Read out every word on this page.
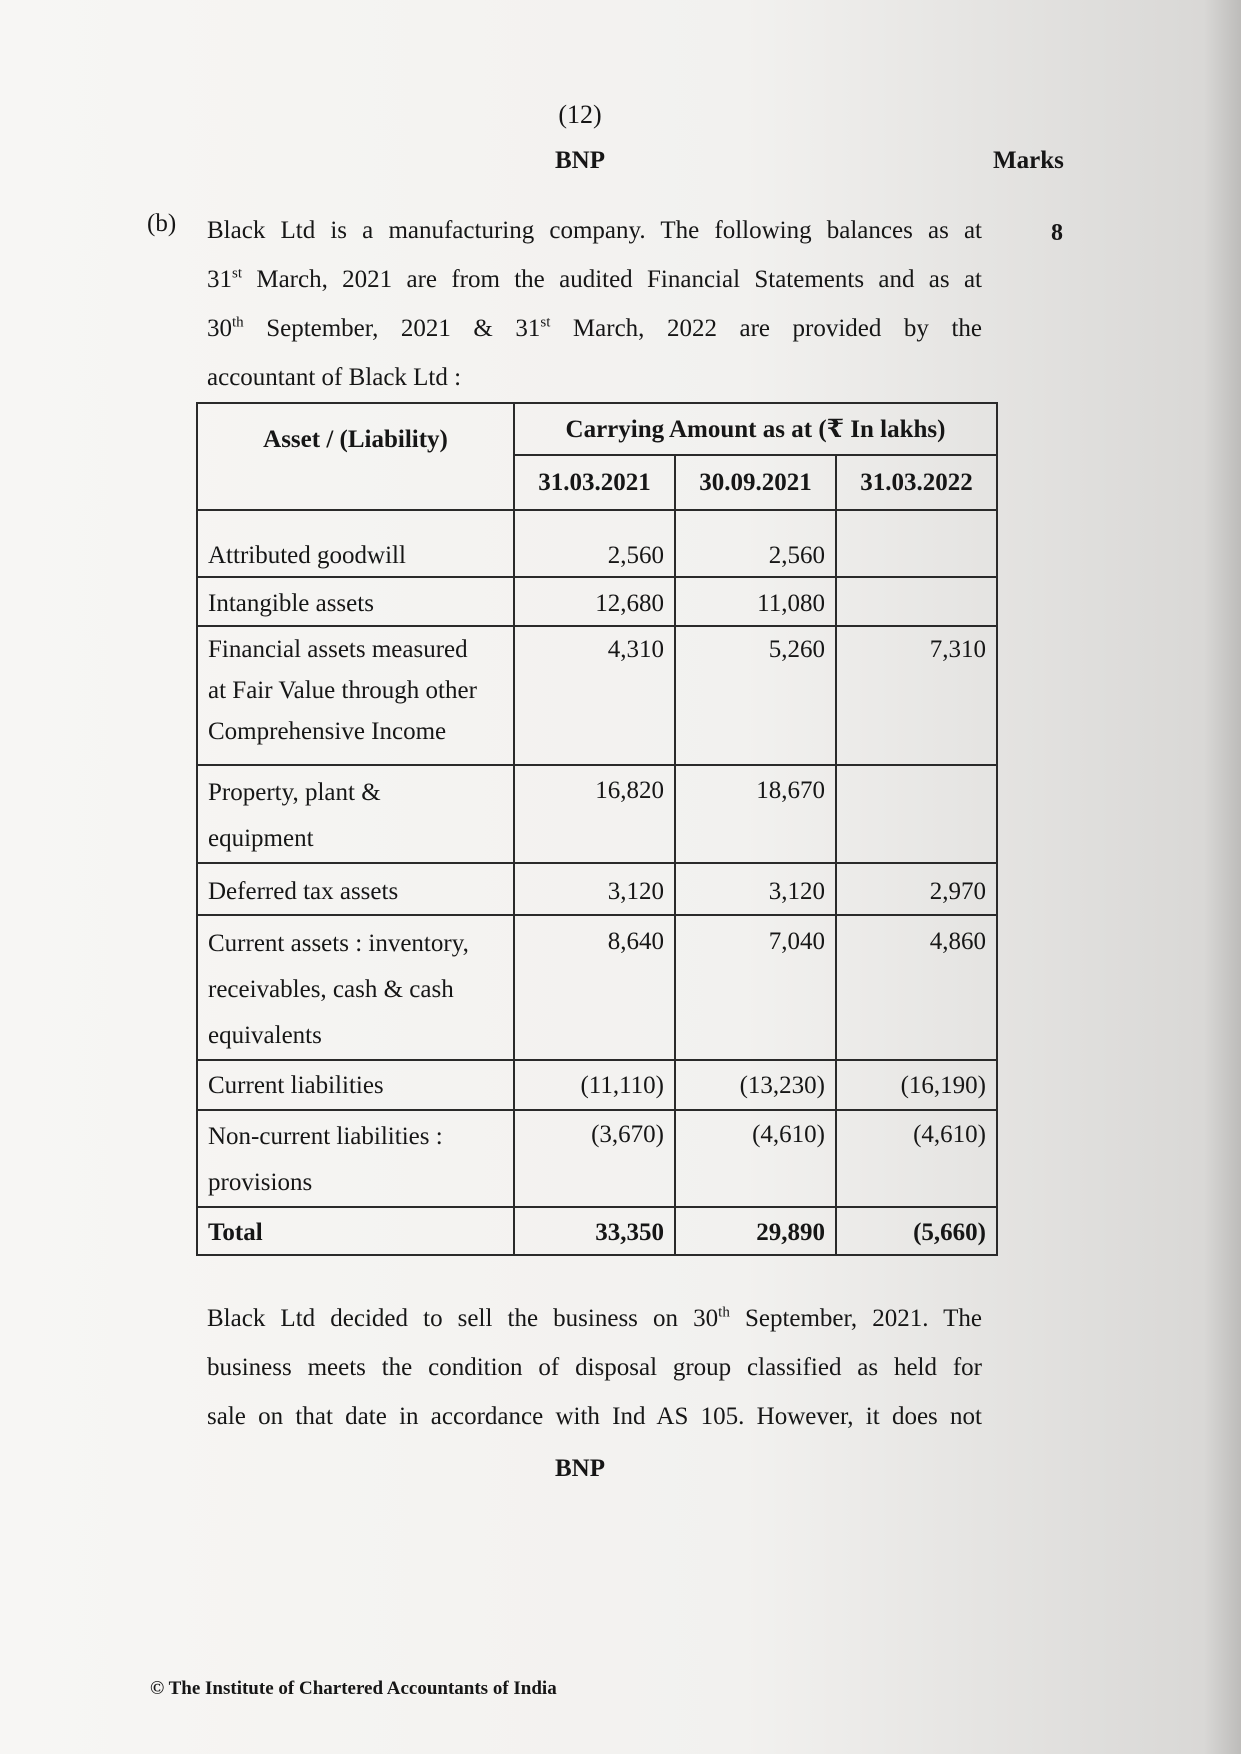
(12)
BNP	Marks
(b)	8
Black Ltd is a manufacturing company. The following balances as at
31st March, 2021 are from the audited Financial Statements and as at
30th September, 2021 & 31st March, 2022 are provided by the
accountant of Black Ltd :
Asset / (Liability)	Carrying Amount as at (₹ In lakhs)		
	31.03.2021	30.09.2021	31.03.2022
Attributed goodwill	2,560	2,560	
Intangible assets	12,680	11,080	
Financial assets measured
at Fair Value through other
Comprehensive Income	4,310	5,260	7,310
Property, plant &
equipment	16,820	18,670	
Deferred tax assets	3,120	3,120	2,970
Current assets : inventory,
receivables, cash & cash
equivalents	8,640	7,040	4,860
Current liabilities	(11,110)	(13,230)	(16,190)
Non-current liabilities :
provisions	(3,670)	(4,610)	(4,610)
Total	33,350	29,890	(5,660)
Black Ltd decided to sell the business on 30th September, 2021. The
business meets the condition of disposal group classified as held for
sale on that date in accordance with Ind AS 105. However, it does not
BNP
© The Institute of Chartered Accountants of India
